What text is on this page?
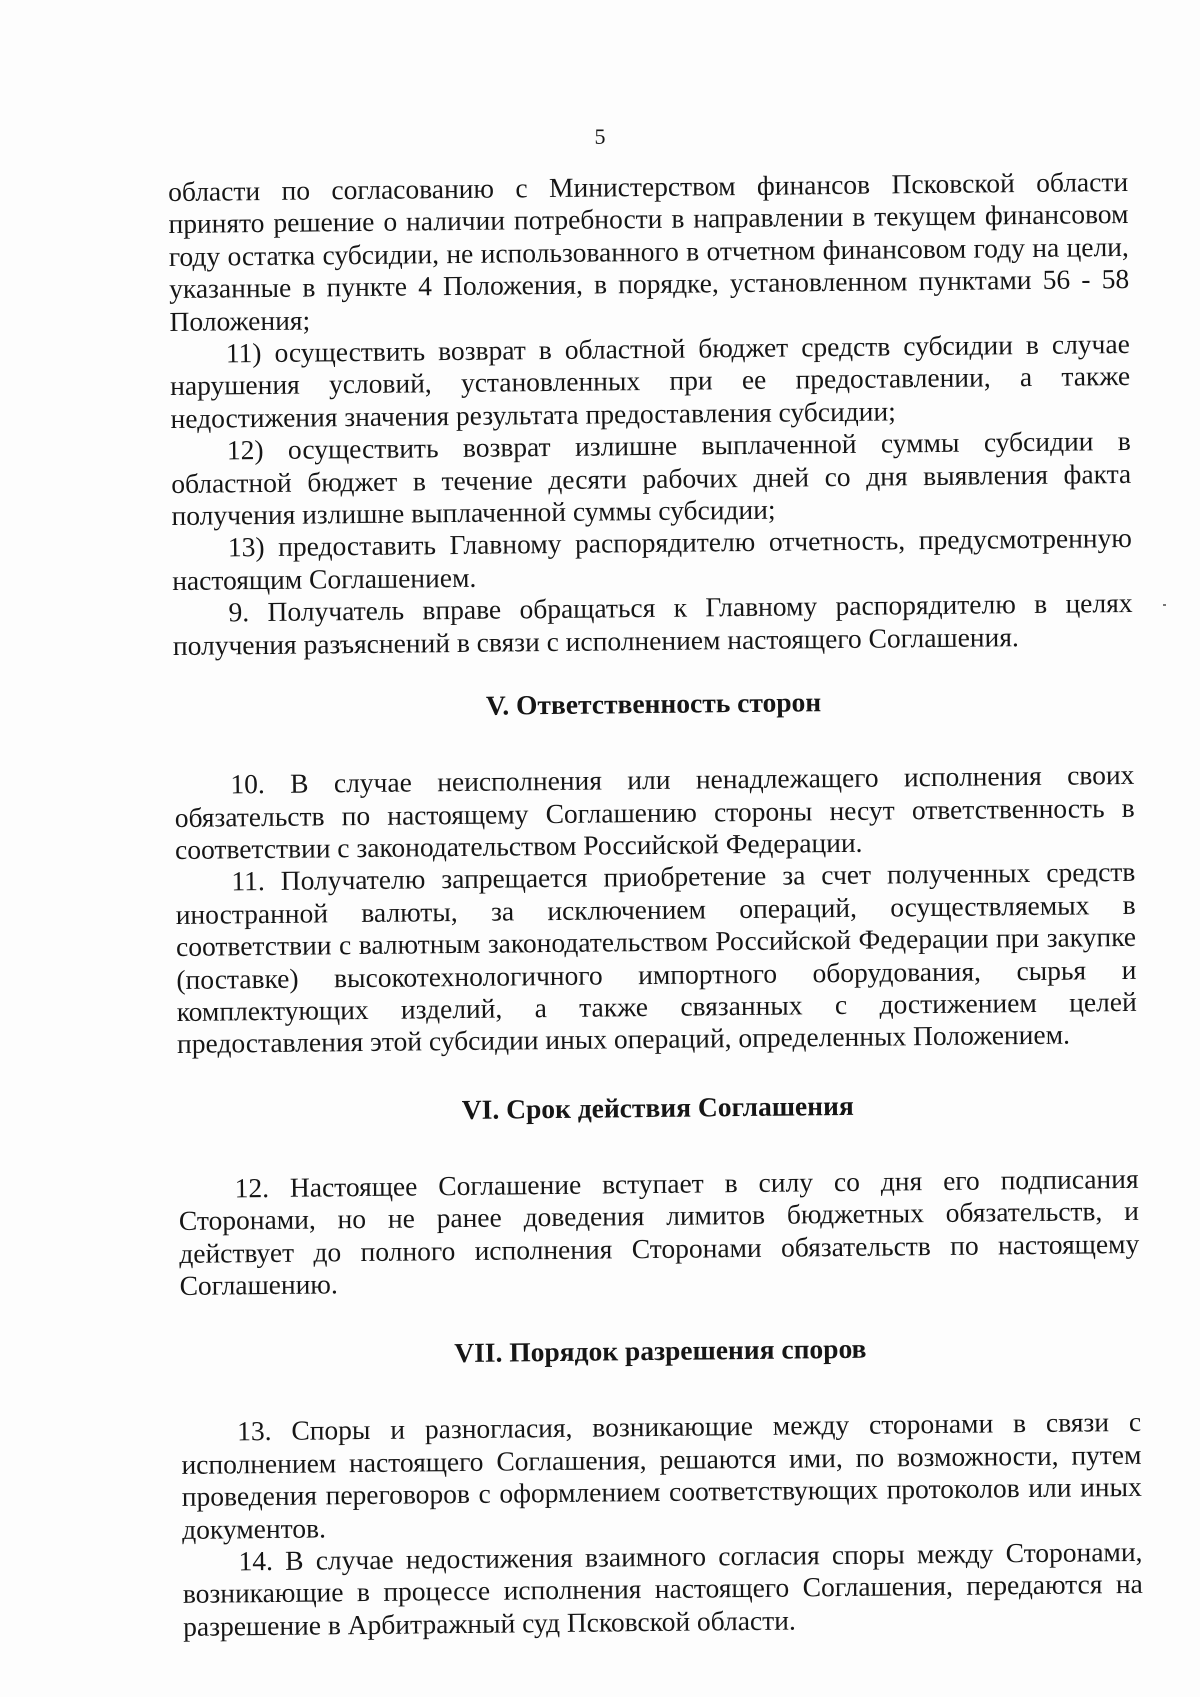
5

области по согласованию с Министерством финансов Псковской области принято решение о наличии потребности в направлении в текущем финансовом году остатка субсидии, не использованного в отчетном финансовом году на цели, указанные в пункте 4 Положения, в порядке, установленном пунктами 56 - 58 Положения;

11) осуществить возврат в областной бюджет средств субсидии в случае нарушения условий, установленных при ее предоставлении, а также недостижения значения результата предоставления субсидии;

12) осуществить возврат излишне выплаченной суммы субсидии в областной бюджет в течение десяти рабочих дней со дня выявления факта получения излишне выплаченной суммы субсидии;

13) предоставить Главному распорядителю отчетность, предусмотренную настоящим Соглашением.

9. Получатель вправе обращаться к Главному распорядителю в целях получения разъяснений в связи с исполнением настоящего Соглашения.

V. Ответственность сторон

10. В случае неисполнения или ненадлежащего исполнения своих обязательств по настоящему Соглашению стороны несут ответственность в соответствии с законодательством Российской Федерации.

11. Получателю запрещается приобретение за счет полученных средств иностранной валюты, за исключением операций, осуществляемых в соответствии с валютным законодательством Российской Федерации при закупке (поставке) высокотехнологичного импортного оборудования, сырья и комплектующих изделий, а также связанных с достижением целей предоставления этой субсидии иных операций, определенных Положением.

VI. Срок действия Соглашения

12. Настоящее Соглашение вступает в силу со дня его подписания Сторонами, но не ранее доведения лимитов бюджетных обязательств, и действует до полного исполнения Сторонами обязательств по настоящему Соглашению.

VII. Порядок разрешения споров

13. Споры и разногласия, возникающие между сторонами в связи с исполнением настоящего Соглашения, решаются ими, по возможности, путем проведения переговоров с оформлением соответствующих протоколов или иных документов.

14. В случае недостижения взаимного согласия споры между Сторонами, возникающие в процессе исполнения настоящего Соглашения, передаются на разрешение в Арбитражный суд Псковской области.
